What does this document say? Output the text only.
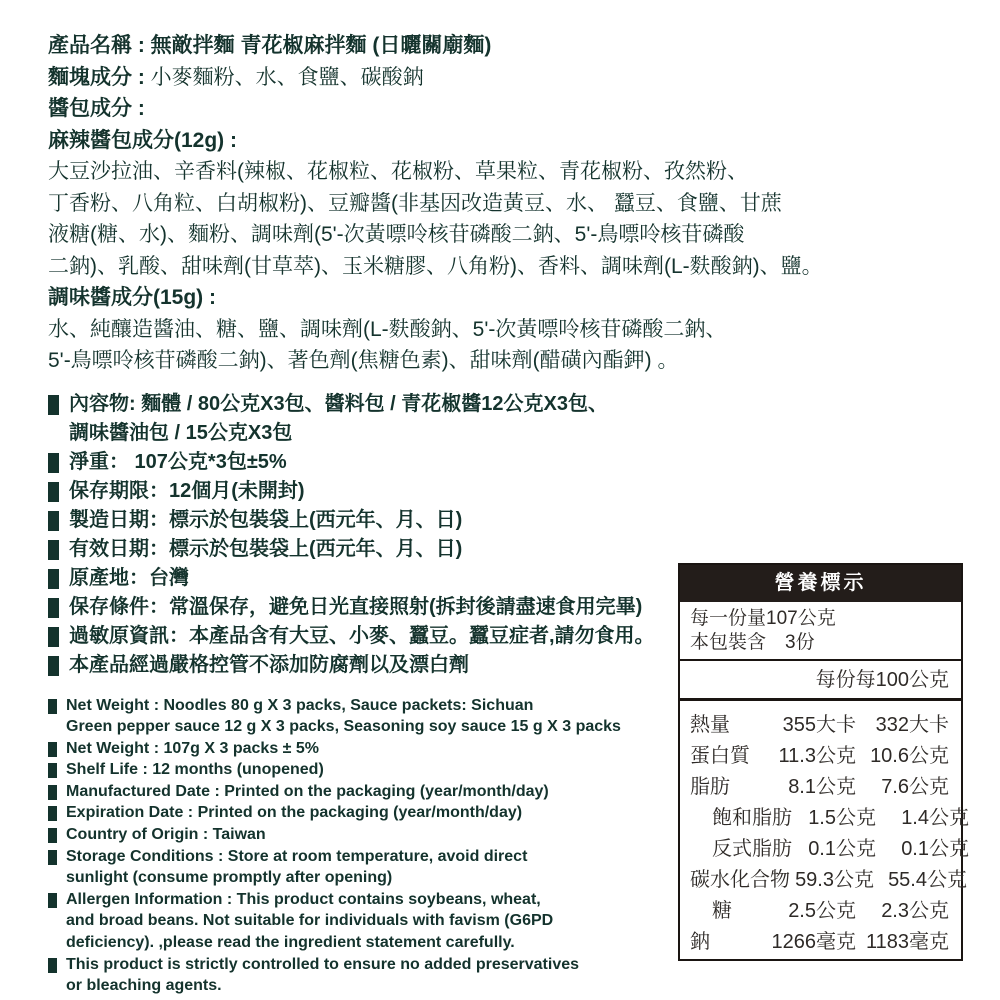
產品名稱 : 無敵拌麵 青花椒麻拌麵 (日曬關廟麵)
麵塊成分 : 小麥麵粉、水、食鹽、碳酸鈉
醬包成分 :
麻辣醬包成分(12g) :
大豆沙拉油、辛香料(辣椒、花椒粒、花椒粉、草果粒、青花椒粉、孜然粉、
丁香粉、八角粒、白胡椒粉)、豆瓣醬(非基因改造黃豆、水、 蠶豆、食鹽、甘蔗
液糖(糖、水)、麵粉、調味劑(5'-次黃嘌呤核苷磷酸二鈉、5'-鳥嘌呤核苷磷酸
二鈉)、乳酸、甜味劑(甘草萃)、玉米糖膠、八角粉)、香料、調味劑(L-麩酸鈉)、鹽。
調味醬成分(15g) :
水、純釀造醬油、糖、鹽、調味劑(L-麩酸鈉、5'-次黃嘌呤核苷磷酸二鈉、
5'-鳥嘌呤核苷磷酸二鈉)、著色劑(焦糖色素)、甜味劑(醋磺內酯鉀) 。
內容物: 麵體 / 80公克X3包、醬料包 / 青花椒醬12公克X3包、
調味醬油包 / 15公克X3包
淨重： 107公克*3包±5%
保存期限：12個月(未開封)
製造日期：標示於包裝袋上(西元年、月、日)
有效日期：標示於包裝袋上(西元年、月、日)
原產地：台灣
保存條件：常溫保存，避免日光直接照射(拆封後請盡速食用完畢)
過敏原資訊：本產品含有大豆、小麥、蠶豆。蠶豆症者,請勿食用。
本產品經過嚴格控管不添加防腐劑以及漂白劑
Net Weight : Noodles 80 g X 3 packs, Sauce packets: Sichuan
Green pepper sauce 12 g X 3 packs, Seasoning soy sauce 15 g X 3 packs
Net Weight : 107g X 3 packs ± 5%
Shelf Life : 12 months (unopened)
Manufactured Date : Printed on the packaging (year/month/day)
Expiration Date : Printed on the packaging (year/month/day)
Country of Origin : Taiwan
Storage Conditions : Store at room temperature, avoid direct
sunlight (consume promptly after opening)
Allergen Information : This product contains soybeans, wheat,
and broad beans. Not suitable for individuals with favism (G6PD
deficiency). ,please read the ingredient statement carefully.
This product is strictly controlled to ensure no added preservatives
or bleaching agents.
營養標示
每一份量107公克
本包裝含　3份
每份 每100公克
熱量	355大卡 332大卡
蛋白質	11.3公克 10.6公克
脂肪	8.1公克	7.6公克
飽和脂肪 1.5公克	1.4公克
反式脂肪 0.1公克	0.1公克
碳水化合物 59.3公克 55.4公克
糖	2.5公克	2.3公克
鈉	1266毫克 1183毫克
